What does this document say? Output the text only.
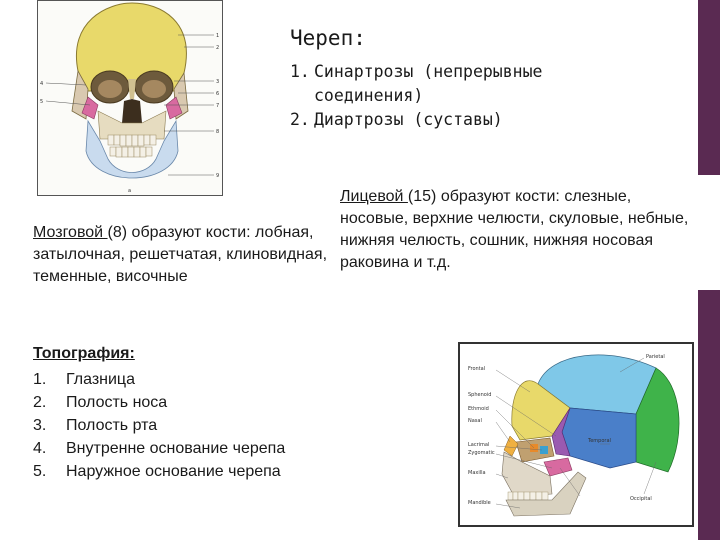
1
2
3
4
5
6
7
8
9
а
Череп:
1. Синартрозы (непрерывные соединения)
2. Диартрозы (суставы)
Лицевой (15) образуют кости: слезные, носовые, верхние челюсти, скуловые, небные, нижняя челюсть, сошник, нижняя носовая раковина и т.д.
Мозговой (8) образуют кости: лобная, затылочная, решетчатая, клиновидная, теменные, височные
Топография:
1.	Глазница
2.	Полость носа
3.	Полость рта
4.	Внутренне основание черепа
5.	Наружное основание черепа
Frontal
Sphenoid
Ethmoid
Nasal
Lacrimal
Zygomatic
Maxilla
Mandible
Parietal
Temporal
Occipital
